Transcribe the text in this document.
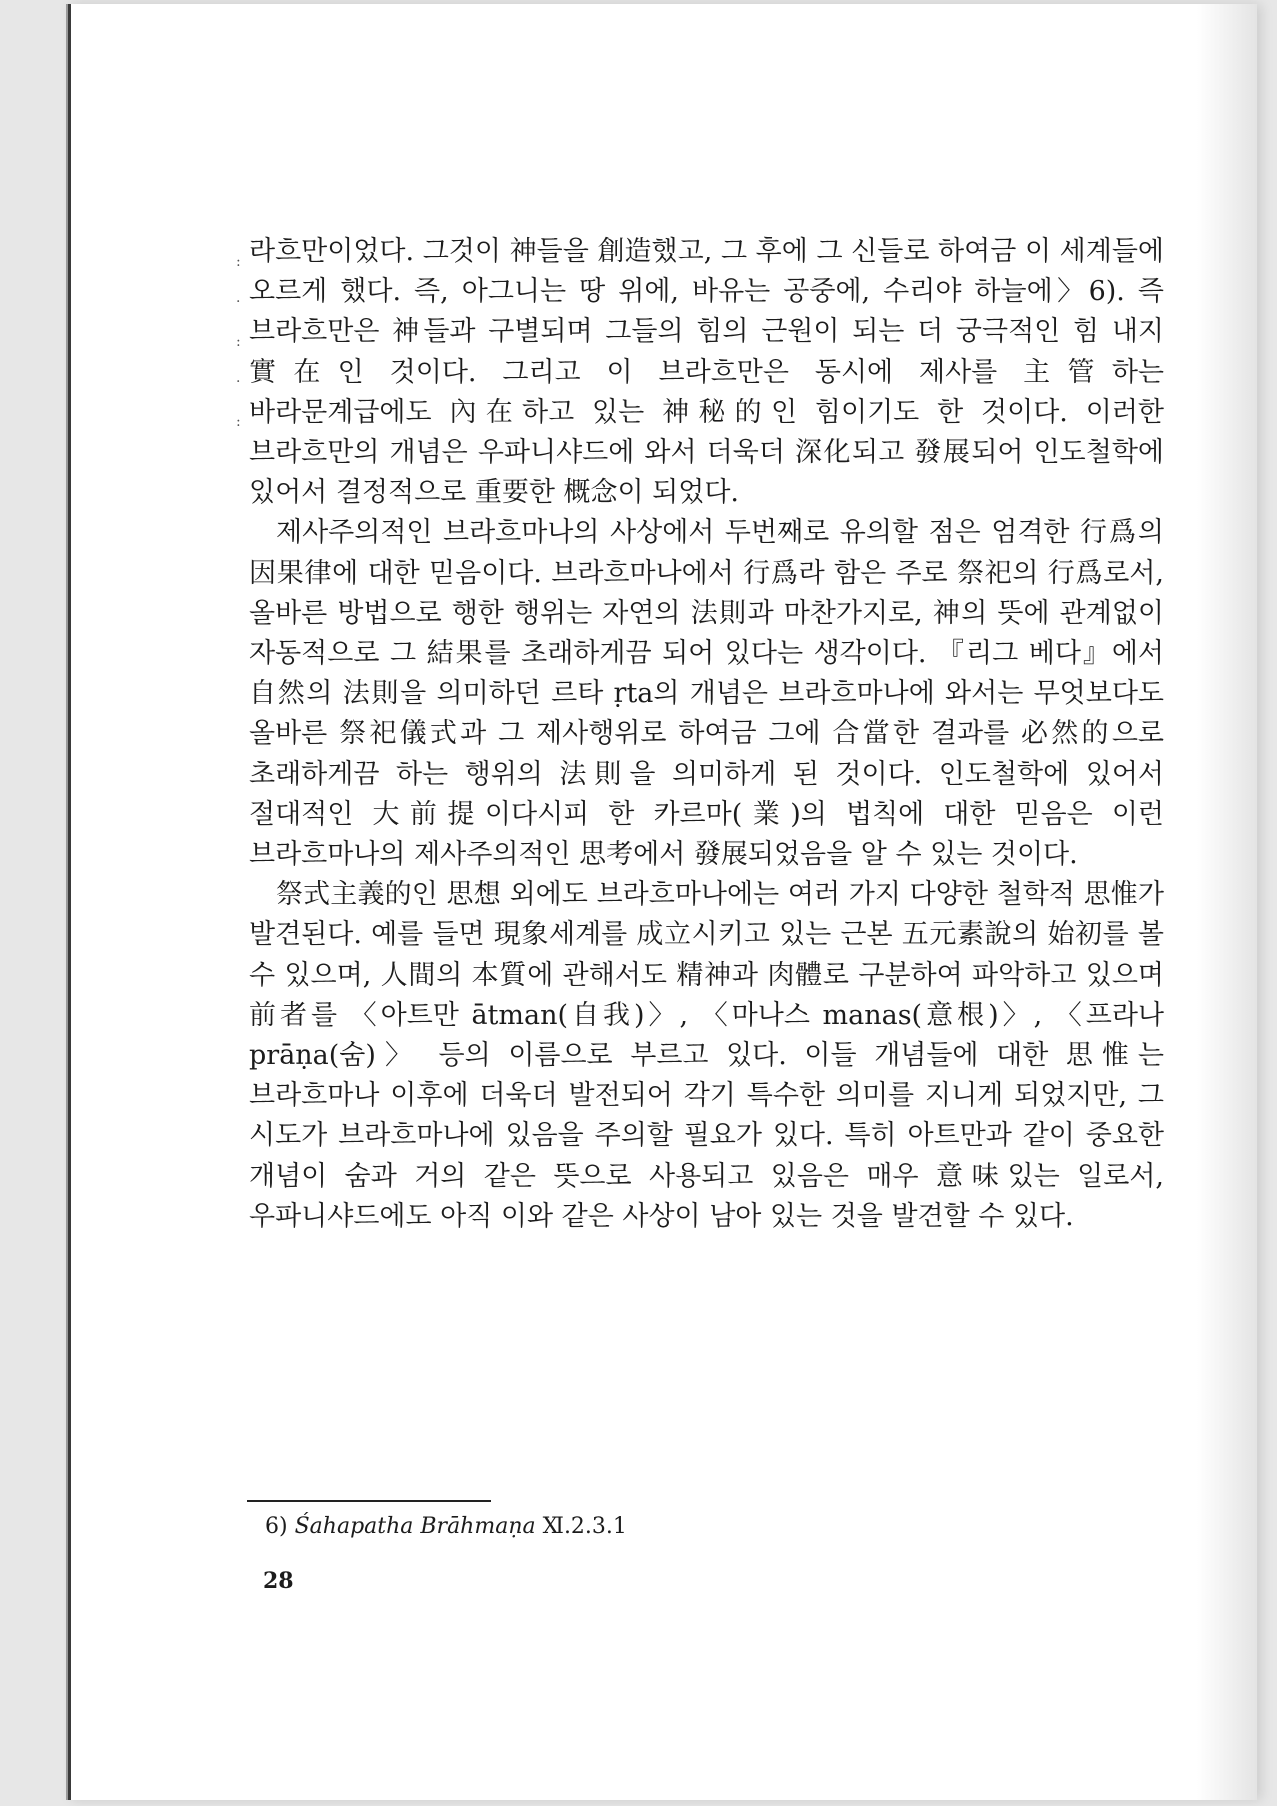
:
·
:
·
:

라흐만이었다. 그것이 神들을 創造했고, 그 후에 그 신들로 하여금 이 세계들에 오르게 했다. 즉, 아그니는 땅 위에, 바유는 공중에, 수리야 하늘에〉6). 즉 브라흐만은 神들과 구별되며 그들의 힘의 근원이 되는 더 궁극적인 힘 내지 實在인 것이다. 그리고 이 브라흐만은 동시에 제사를 主管하는 바라문계급에도 內在하고 있는 神秘的인 힘이기도 한 것이다. 이러한 브라흐만의 개념은 우파니샤드에 와서 더욱더 深化되고 發展되어 인도철학에 있어서 결정적으로 重要한 概念이 되었다.

제사주의적인 브라흐마나의 사상에서 두번째로 유의할 점은 엄격한 行爲의 因果律에 대한 믿음이다. 브라흐마나에서 行爲라 함은 주로 祭祀의 行爲로서, 올바른 방법으로 행한 행위는 자연의 法則과 마찬가지로, 神의 뜻에 관계없이 자동적으로 그 結果를 초래하게끔 되어 있다는 생각이다. 『리그 베다』에서 自然의 法則을 의미하던 르타 ṛta의 개념은 브라흐마나에 와서는 무엇보다도 올바른 祭祀儀式과 그 제사행위로 하여금 그에 合當한 결과를 必然的으로 초래하게끔 하는 행위의 法則을 의미하게 된 것이다. 인도철학에 있어서 절대적인 大前提이다시피 한 카르마(業)의 법칙에 대한 믿음은 이런 브라흐마나의 제사주의적인 思考에서 發展되었음을 알 수 있는 것이다.

祭式主義的인 思想 외에도 브라흐마나에는 여러 가지 다양한 철학적 思惟가 발견된다. 예를 들면 現象세계를 成立시키고 있는 근본 五元素說의 始初를 볼 수 있으며, 人間의 本質에 관해서도 精神과 肉體로 구분하여 파악하고 있으며 前者를 〈아트만 ātman(自我)〉, 〈마나스 manas(意根)〉, 〈프라나 prāṇa(숨)〉 등의 이름으로 부르고 있다. 이들 개념들에 대한 思惟는 브라흐마나 이후에 더욱더 발전되어 각기 특수한 의미를 지니게 되었지만, 그 시도가 브라흐마나에 있음을 주의할 필요가 있다. 특히 아트만과 같이 중요한 개념이 숨과 거의 같은 뜻으로 사용되고 있음은 매우 意味있는 일로서, 우파니샤드에도 아직 이와 같은 사상이 남아 있는 것을 발견할 수 있다.

6) Śahapatha Brāhmaṇa Ⅺ.2.3.1
28
